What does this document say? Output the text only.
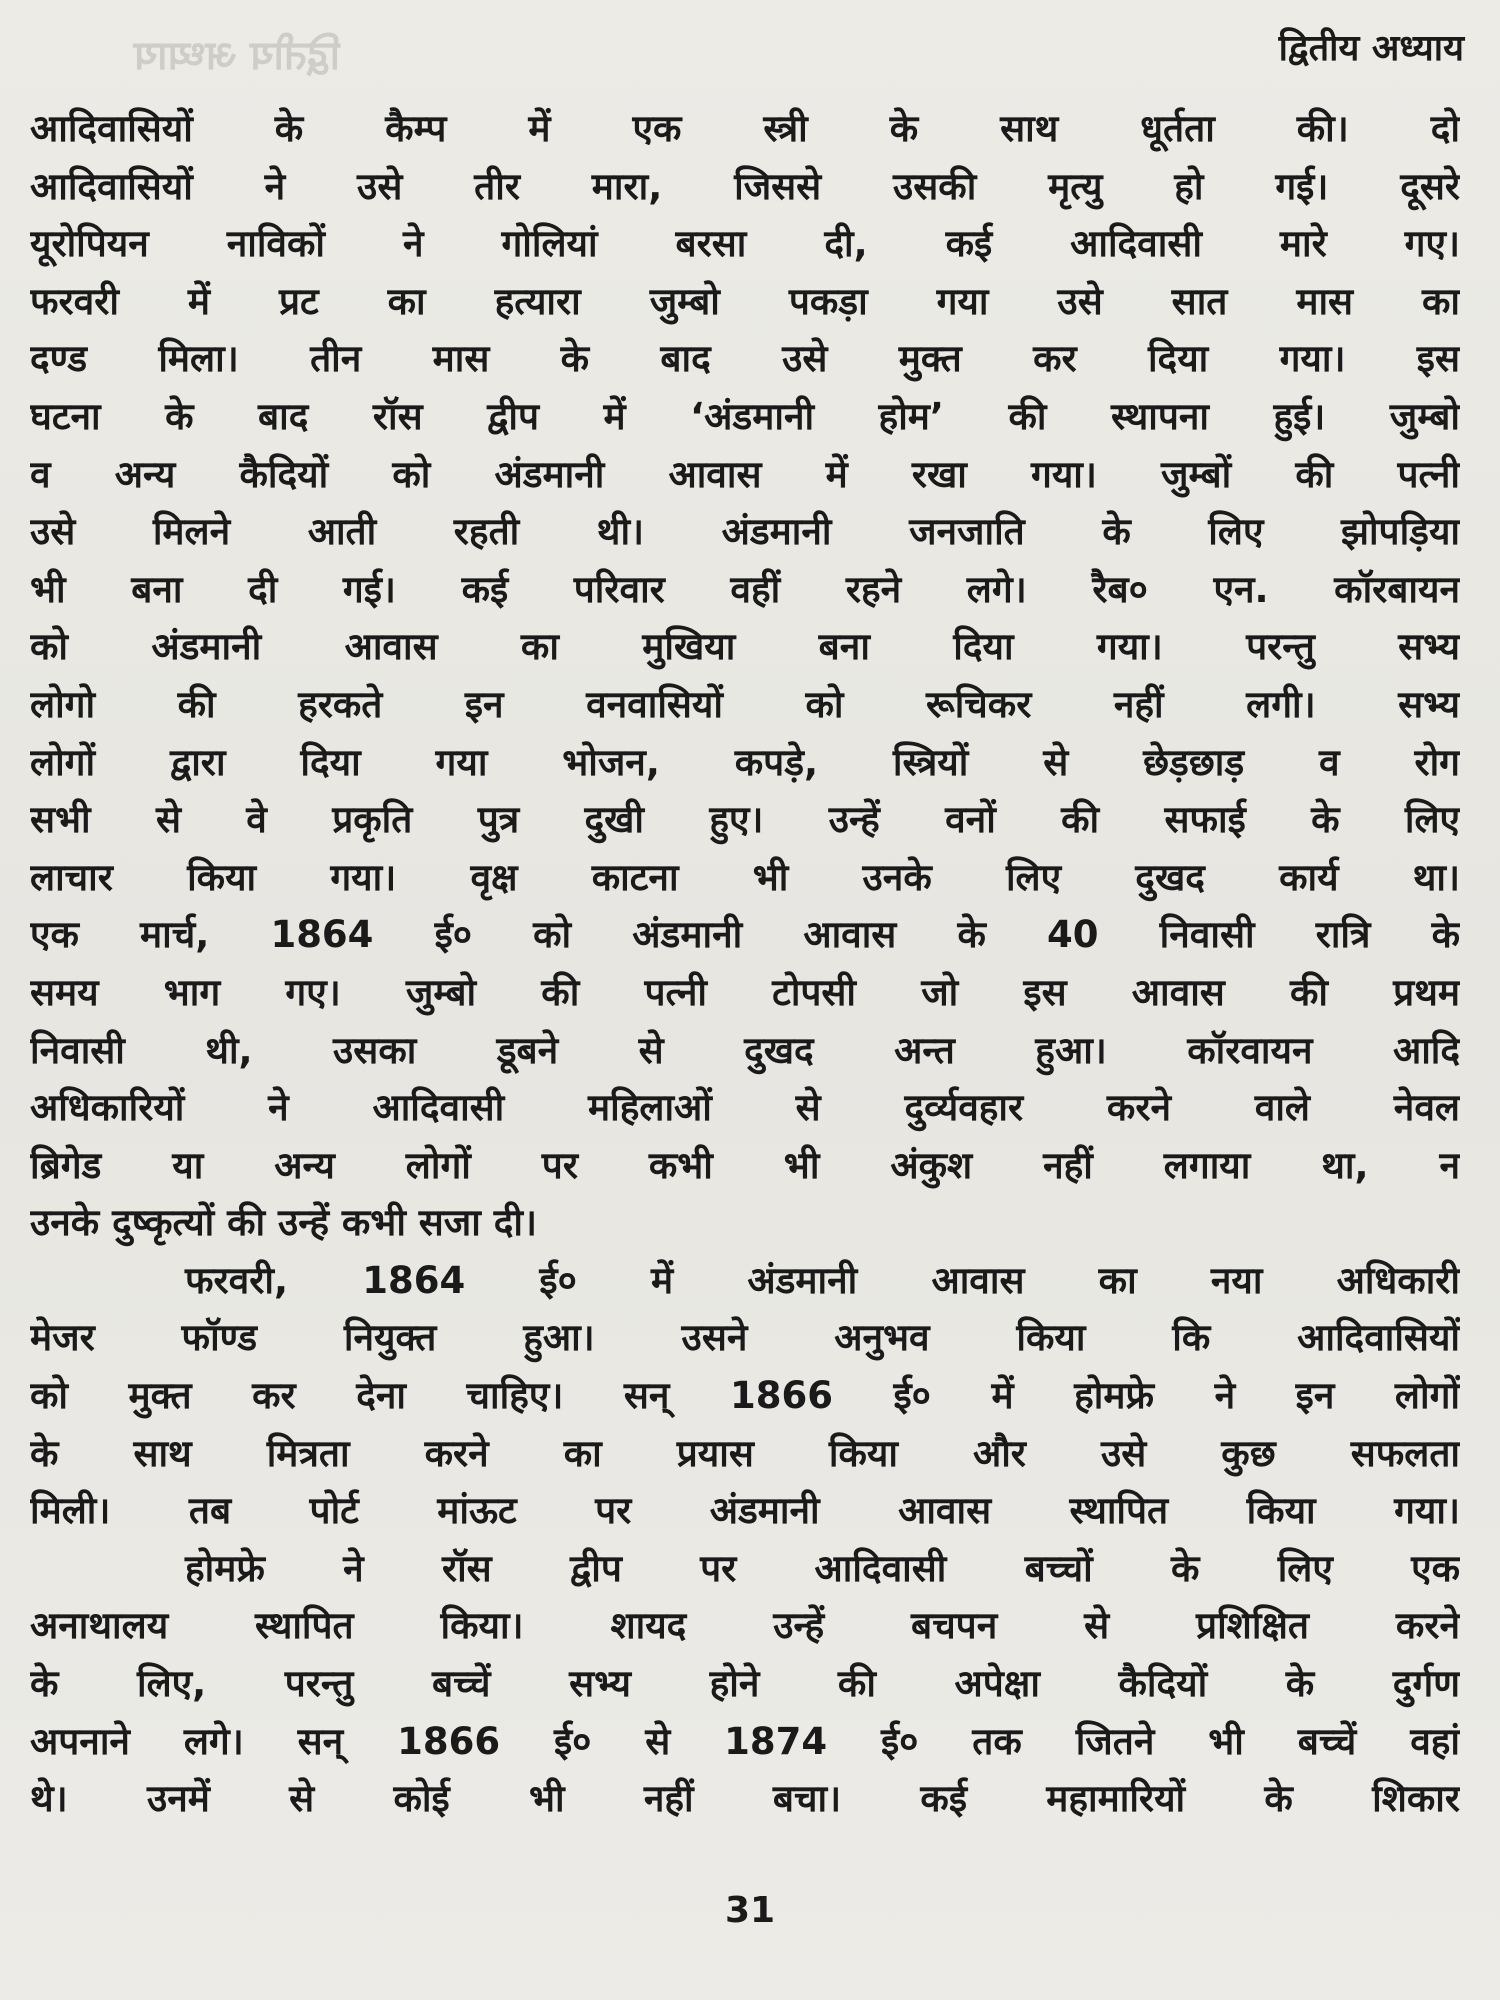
द्वितीय अध्याय	द्वितीय अध्याय
आदिवासियों के कैम्प में एक स्त्री के साथ धूर्तता की। दो
आदिवासियों ने उसे तीर मारा, जिससे उसकी मृत्यु हो गई। दूसरे
यूरोपियन नाविकों ने गोलियां बरसा दी, कई आदिवासी मारे गए।
फरवरी में प्रट का हत्यारा जुम्बो पकड़ा गया उसे सात मास का
दण्ड मिला। तीन मास के बाद उसे मुक्त कर दिया गया। इस
घटना के बाद रॉस द्वीप में ‘अंडमानी होम’ की स्थापना हुई। जुम्बो
व अन्य कैदियों को अंडमानी आवास में रखा गया। जुम्बों की पत्नी
उसे मिलने आती रहती थी। अंडमानी जनजाति के लिए झोपड़िया
भी बना दी गई। कई परिवार वहीं रहने लगे। रैब० एन. कॉरबायन
को अंडमानी आवास का मुखिया बना दिया गया। परन्तु सभ्य
लोगो की हरकते इन वनवासियों को रूचिकर नहीं लगी। सभ्य
लोगों द्वारा दिया गया भोजन, कपड़े, स्त्रियों से छेड़छाड़ व रोग
सभी से वे प्रकृति पुत्र दुखी हुए। उन्हें वनों की सफाई के लिए
लाचार किया गया। वृक्ष काटना भी उनके लिए दुखद कार्य था।
एक मार्च, 1864 ई० को अंडमानी आवास के 40 निवासी रात्रि के
समय भाग गए। जुम्बो की पत्नी टोपसी जो इस आवास की प्रथम
निवासी थी, उसका डूबने से दुखद अन्त हुआ। कॉरवायन आदि
अधिकारियों ने आदिवासी महिलाओं से दुर्व्यवहार करने वाले नेवल
ब्रिगेड या अन्य लोगों पर कभी भी अंकुश नहीं लगाया था, न
उनके दुष्कृत्यों की उन्हें कभी सजा दी।
फरवरी, 1864 ई० में अंडमानी आवास का नया अधिकारी
मेजर फॉण्ड नियुक्त हुआ। उसने अनुभव किया कि आदिवासियों
को मुक्त कर देना चाहिए। सन् 1866 ई० में होमफ्रे ने इन लोगों
के साथ मित्रता करने का प्रयास किया और उसे कुछ सफलता
मिली। तब पोर्ट मांऊट पर अंडमानी आवास स्थापित किया गया।
होमफ्रे ने रॉस द्वीप पर आदिवासी बच्चों के लिए एक
अनाथालय स्थापित किया। शायद उन्हें बचपन से प्रशिक्षित करने
के लिए, परन्तु बच्चें सभ्य होने की अपेक्षा कैदियों के दुर्गण
अपनाने लगे। सन् 1866 ई० से 1874 ई० तक जितने भी बच्चें वहां
थे। उनमें से कोई भी नहीं बचा। कई महामारियों के शिकार
31
